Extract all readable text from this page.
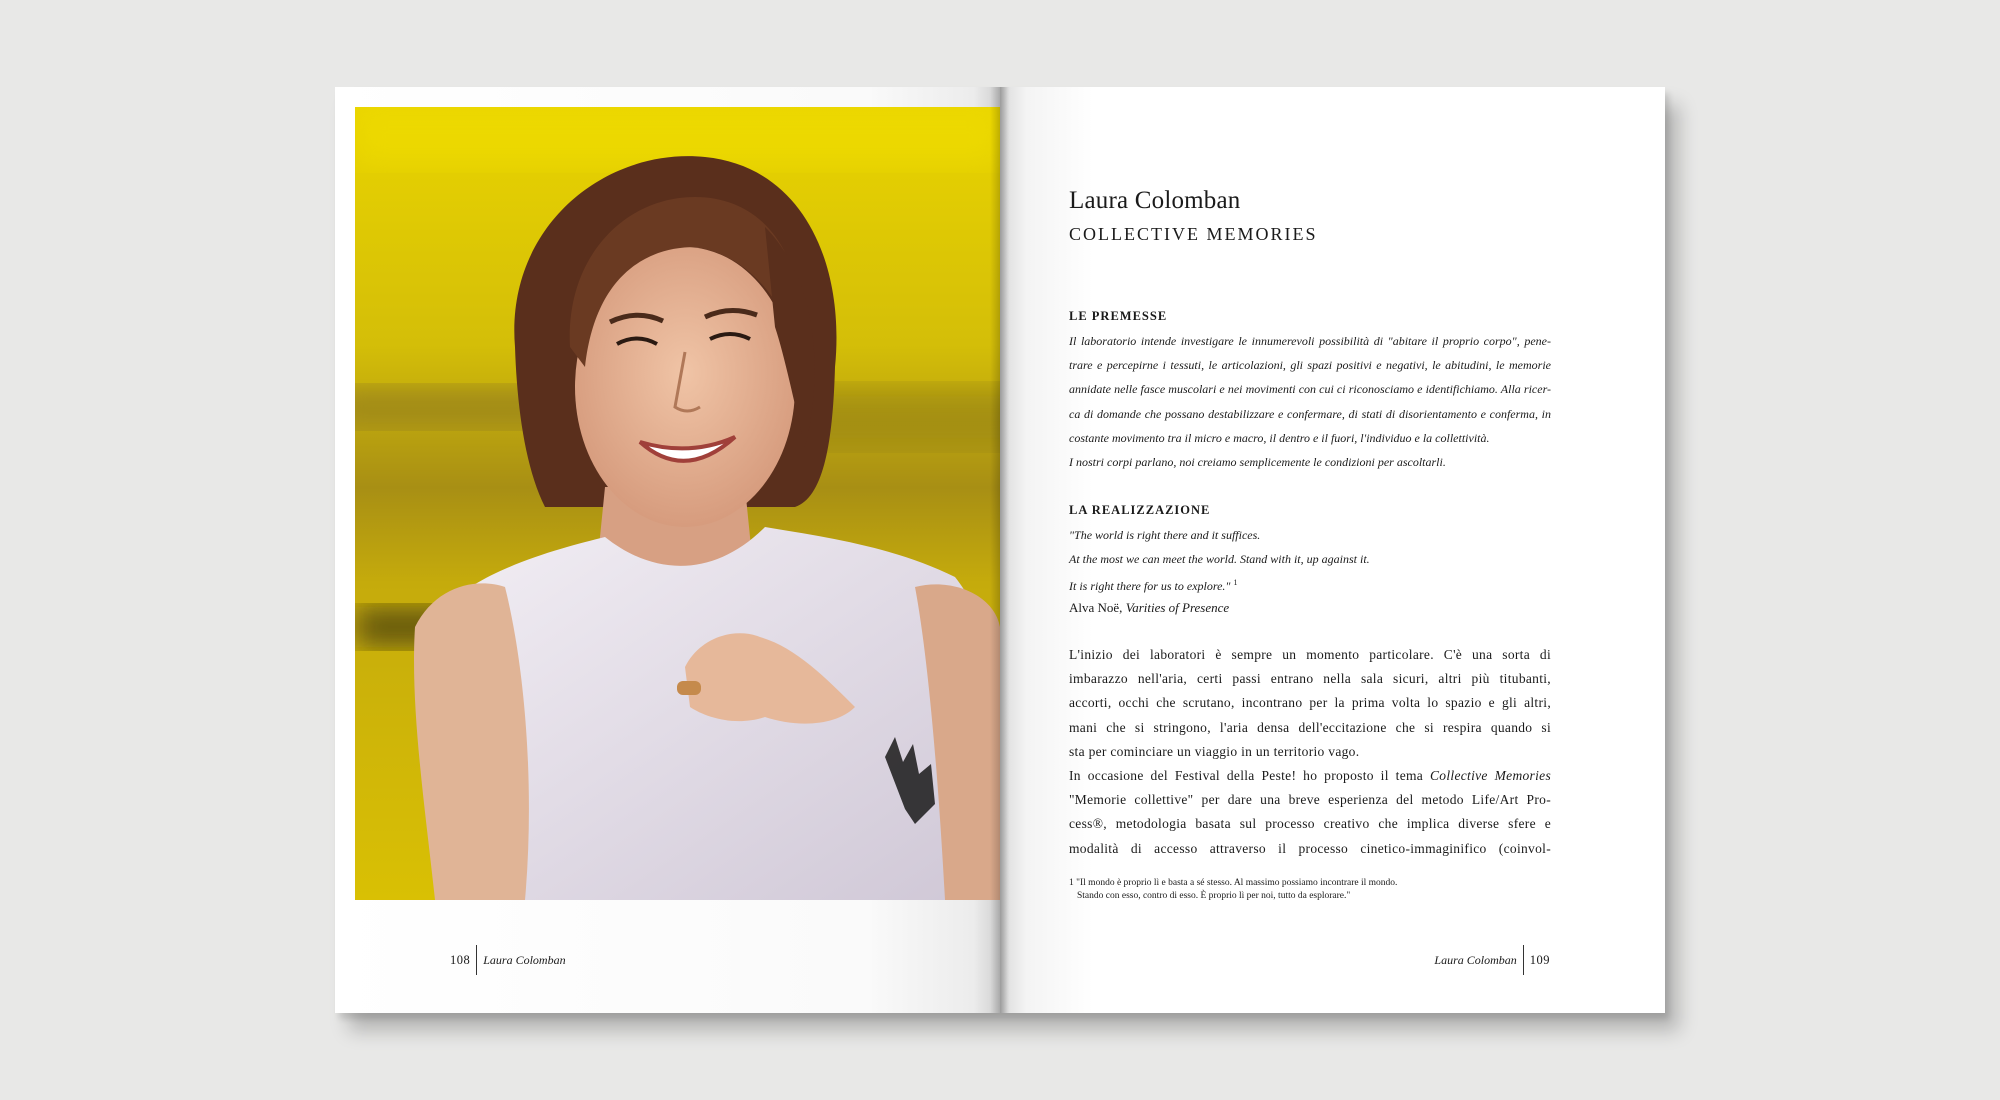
108 Laura Colomban
Laura Colomban
COLLECTIVE MEMORIES
LE PREMESSE
Il laboratorio intende investigare le innumerevoli possibilità di "abitare il proprio corpo", pene-
trare e percepirne i tessuti, le articolazioni, gli spazi positivi e negativi, le abitudini, le memorie
annidate nelle fasce muscolari e nei movimenti con cui ci riconosciamo e identifichiamo. Alla ricer-
ca di domande che possano destabilizzare e confermare, di stati di disorientamento e conferma, in
costante movimento tra il micro e macro, il dentro e il fuori, l'individuo e la collettività.
I nostri corpi parlano, noi creiamo semplicemente le condizioni per ascoltarli.
LA REALIZZAZIONE
"The world is right there and it suffices.
At the most we can meet the world. Stand with it, up against it.
It is right there for us to explore." $^1$
Alva Noë, Varities of Presence
L'inizio dei laboratori è sempre un momento particolare. C'è una sorta di
imbarazzo nell'aria, certi passi entrano nella sala sicuri, altri più titubanti,
accorti, occhi che scrutano, incontrano per la prima volta lo spazio e gli altri,
mani che si stringono, l'aria densa dell'eccitazione che si respira quando si
sta per cominciare un viaggio in un territorio vago.
In occasione del Festival della Peste! ho proposto il tema Collective Memories
"Memorie collettive" per dare una breve esperienza del metodo Life/Art Pro-
cess®, metodologia basata sul processo creativo che implica diverse sfere e
modalità di accesso attraverso il processo cinetico-immaginifico (coinvol-
1 "Il mondo è proprio lì e basta a sé stesso. Al massimo possiamo incontrare il mondo.
Stando con esso, contro di esso. È proprio lì per noi, tutto da esplorare."
Laura Colomban 109
